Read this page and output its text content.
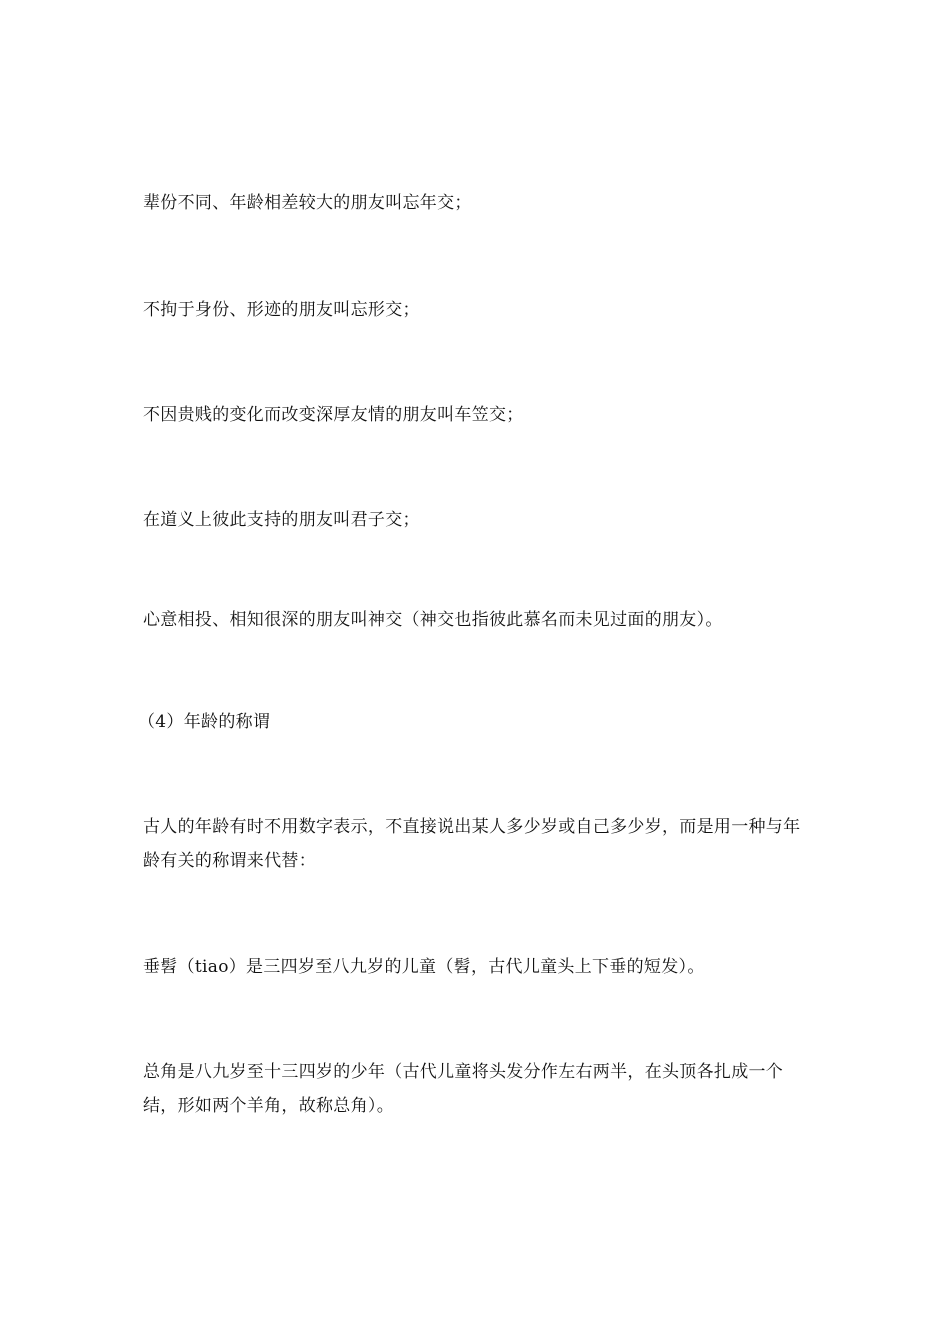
辈份不同、年龄相差较大的朋友叫忘年交；

不拘于身份、形迹的朋友叫忘形交；

不因贵贱的变化而改变深厚友情的朋友叫车笠交；

在道义上彼此支持的朋友叫君子交；

心意相投、相知很深的朋友叫神交（神交也指彼此慕名而未见过面的朋友）。

（4）年龄的称谓

古人的年龄有时不用数字表示，不直接说出某人多少岁或自己多少岁，而是用一种与年龄有关的称谓来代替：

垂髫（tiao）是三四岁至八九岁的儿童（髫，古代儿童头上下垂的短发）。

总角是八九岁至十三四岁的少年（古代儿童将头发分作左右两半，在头顶各扎成一个结，形如两个羊角，故称总角）。
